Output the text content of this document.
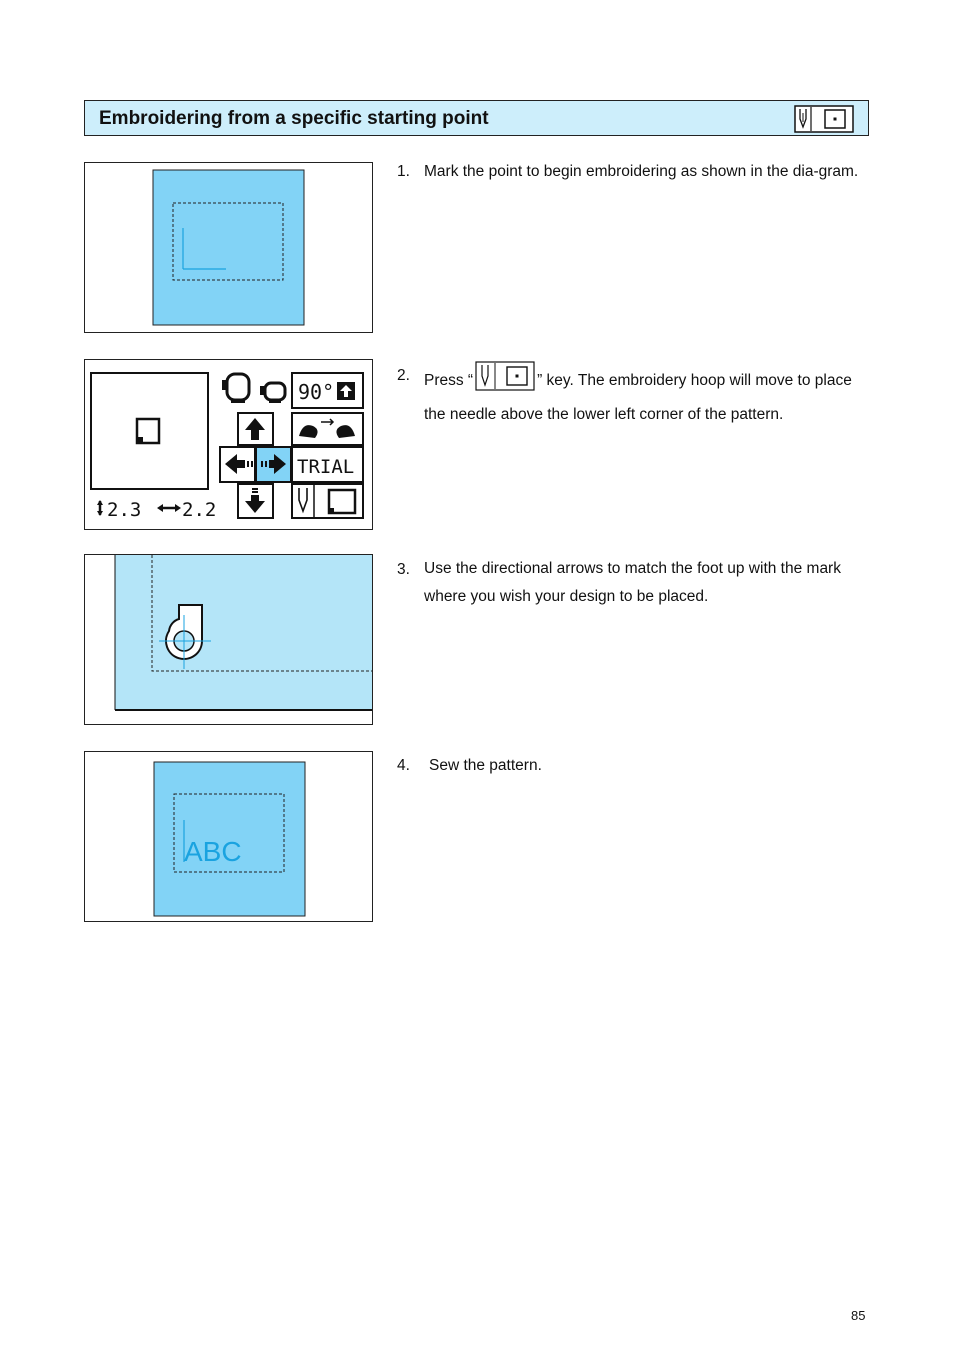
Embroidering from a specific starting point
1. Mark the point to begin embroidering as shown in the dia-gram.
2.3 2.2
90°
TRIAL
2. Press “	” key. The embroidery hoop will move to place the needle above the lower left corner of the pattern.
3. Use the directional arrows to match the foot up with the mark where you wish your design to be placed.
ABC
4. Sew the pattern.
85
